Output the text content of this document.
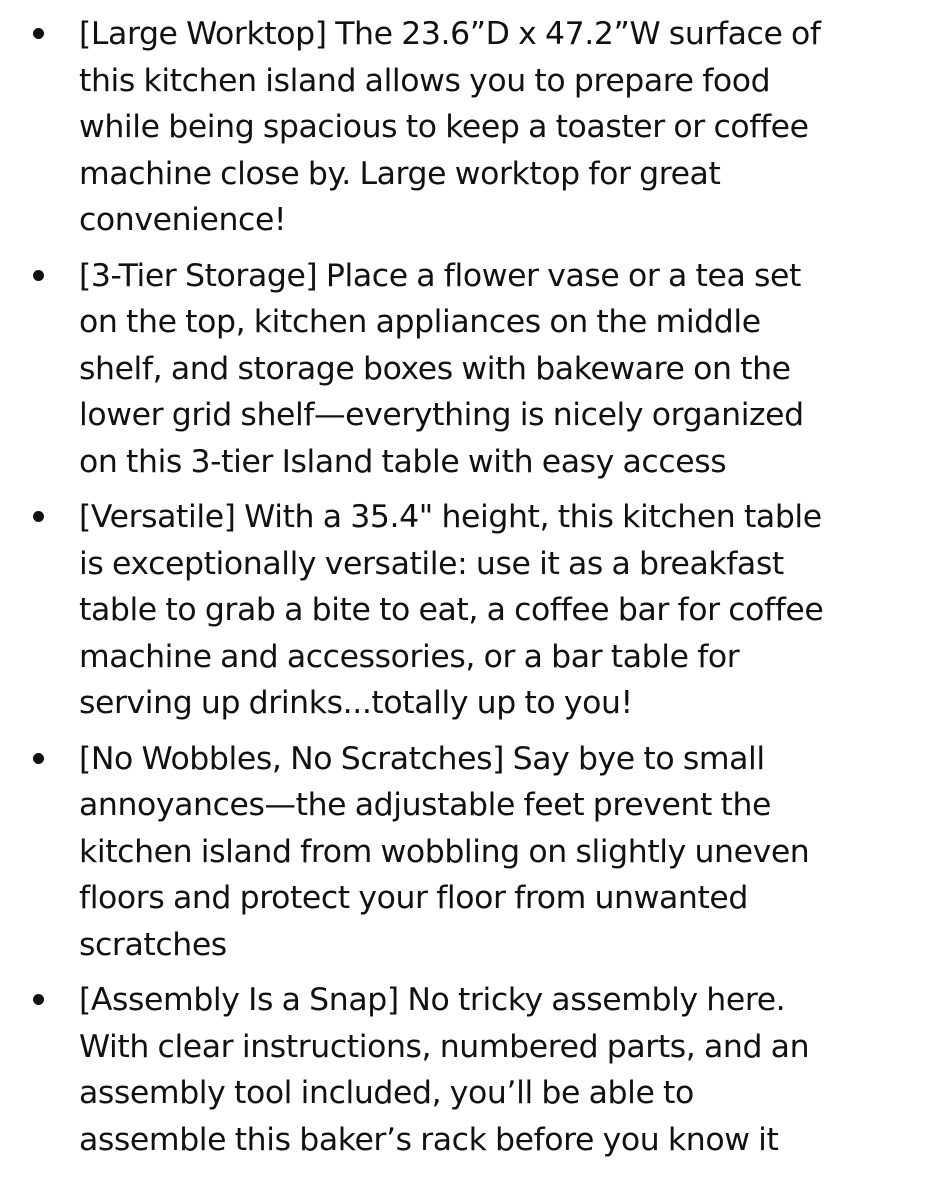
[Large Worktop] The 23.6”D x 47.2”W surface of
this kitchen island allows you to prepare food
while being spacious to keep a toaster or coffee
machine close by. Large worktop for great
convenience!
[3-Tier Storage] Place a flower vase or a tea set
on the top, kitchen appliances on the middle
shelf, and storage boxes with bakeware on the
lower grid shelf—everything is nicely organized
on this 3-tier Island table with easy access
[Versatile] With a 35.4" height, this kitchen table
is exceptionally versatile: use it as a breakfast
table to grab a bite to eat, a coffee bar for coffee
machine and accessories, or a bar table for
serving up drinks...totally up to you!
[No Wobbles, No Scratches] Say bye to small
annoyances—the adjustable feet prevent the
kitchen island from wobbling on slightly uneven
floors and protect your floor from unwanted
scratches
[Assembly Is a Snap] No tricky assembly here.
With clear instructions, numbered parts, and an
assembly tool included, you’ll be able to
assemble this baker’s rack before you know it
